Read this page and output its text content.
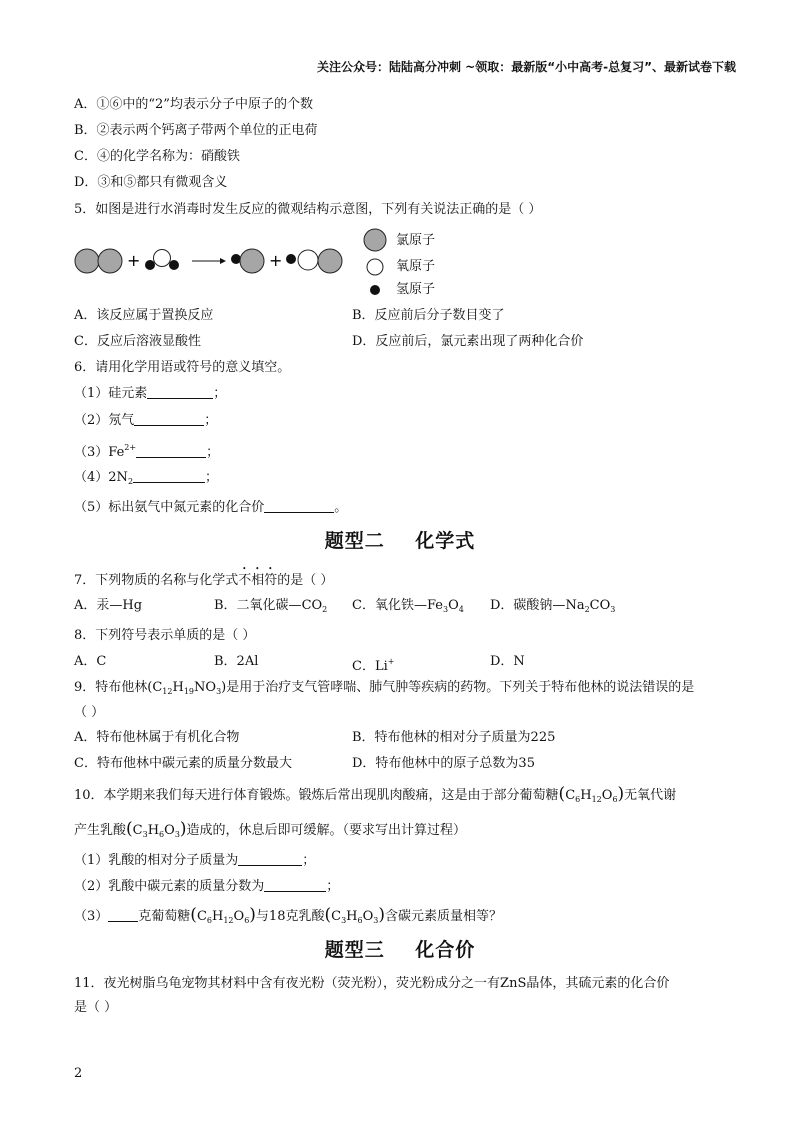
关注公众号：陆陆高分冲刺 ~领取：最新版“小中高考-总复习”、最新试卷下载
A．①⑥中的“2”均表示分子中原子的个数
B．②表示两个钙离子带两个单位的正电荷
C．④的化学名称为：硝酸铁
D．③和⑤都只有微观含义
5．如图是进行水消毒时发生反应的微观结构示意图，下列有关说法正确的是（ ）
+	+
氯原子
氧原子
氢原子
A．该反应属于置换反应	B．反应前后分子数目变了
C．反应后溶液显酸性	D．反应前后，氯元素出现了两种化合价
6．请用化学用语或符号的意义填空。
（1）硅元素	；
（2）氖气	；
$(3)Fe^{2+}$	；
$(4)2N_2$	；
（5）标出氨气中氮元素的化合价	。
题型二    化学式
7．下列物质的名称与化学式不相符的是（ ）
A．汞—Hg	B．二氧化碳$—CO_2$ C．氧化铁$—Fe_3O_4$ D．碳酸钠$—Na_2CO_3$
8．下列符号表示单质的是（ ）
A．C	B．2Al	C．Li+	D．N
9．特布他林$(C_{12}H_{19}NO_3)$是用于治疗支气管哮喘、肺气肿等疾病的药物。下列关于特布他林的说法错误的是
（ ）
A．特布他林属于有机化合物	B．特布他林的相对分子质量为225
C．特布他林中碳元素的质量分数最大	D．特布他林中的原子总数为35
10．本学期来我们每天进行体育锻炼。锻炼后常出现肌肉酸痛，这是由于部分葡萄糖$(C_6H_{12}O_6)$无氧代谢
产生乳酸$(C_3H_6O_3)$造成的，休息后即可缓解。（要求写出计算过程）
（1）乳酸的相对分子质量为	；
（2）乳酸中碳元素的质量分数为	；
（3） 克葡萄糖$(C_6H_{12}O_6)$与18克乳酸$(C_3H_6O_3)$含碳元素质量相等？
题型三    化合价
11．夜光树脂乌龟宠物其材料中含有夜光粉（荧光粉），荧光粉成分之一有ZnS晶体，其硫元素的化合价
是（ ）
2
